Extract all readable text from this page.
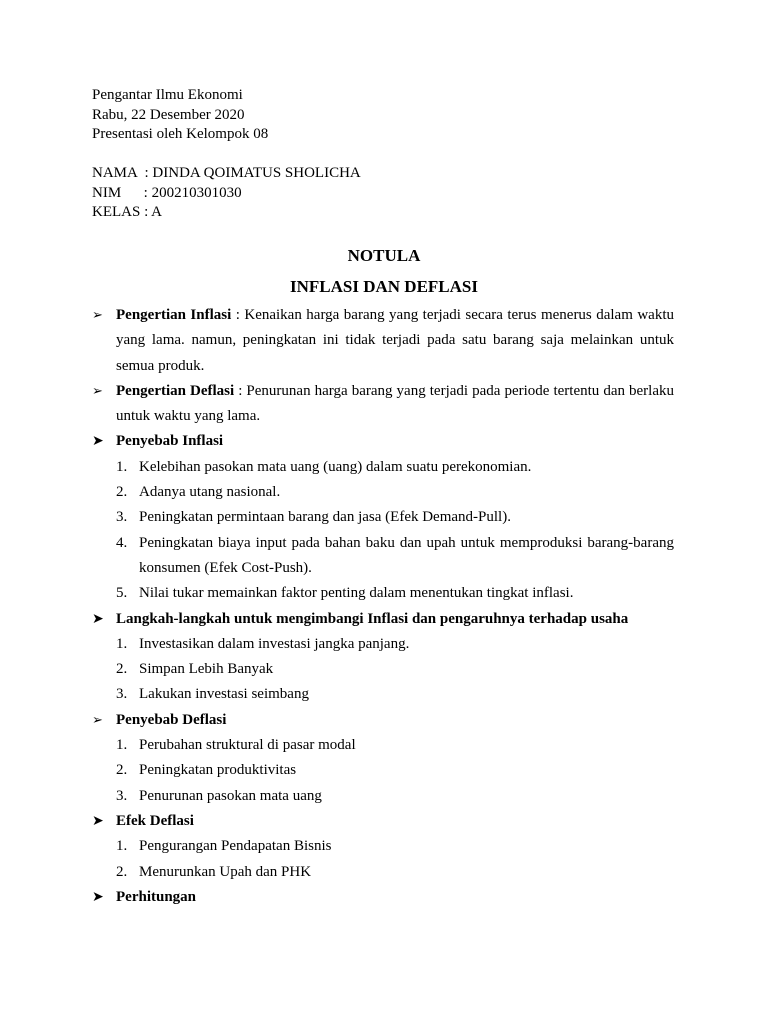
Pengantar Ilmu Ekonomi
Rabu, 22 Desember 2020
Presentasi oleh Kelompok 08
NAMA  : DINDA QOIMATUS SHOLICHA
NIM      : 200210301030
KELAS : A
NOTULA
INFLASI DAN DEFLASI
➢ Pengertian Inflasi : Kenaikan harga barang yang terjadi secara terus menerus dalam waktu yang lama. namun, peningkatan ini tidak terjadi pada satu barang saja melainkan untuk semua produk.
➢ Pengertian Deflasi : Penurunan harga barang yang terjadi pada periode tertentu dan berlaku untuk waktu yang lama.
➤ Penyebab Inflasi
1. Kelebihan pasokan mata uang (uang) dalam suatu perekonomian.
2. Adanya utang nasional.
3. Peningkatan permintaan barang dan jasa (Efek Demand-Pull).
4. Peningkatan biaya input pada bahan baku dan upah untuk memproduksi barang-barang konsumen (Efek Cost-Push).
5. Nilai tukar memainkan faktor penting dalam menentukan tingkat inflasi.
➤ Langkah-langkah untuk mengimbangi Inflasi dan pengaruhnya terhadap usaha
1. Investasikan dalam investasi jangka panjang.
2. Simpan Lebih Banyak
3. Lakukan investasi seimbang
➢ Penyebab Deflasi
1. Perubahan struktural di pasar modal
2. Peningkatan produktivitas
3. Penurunan pasokan mata uang
➤ Efek Deflasi
1. Pengurangan Pendapatan Bisnis
2. Menurunkan Upah dan PHK
➤ Perhitungan
